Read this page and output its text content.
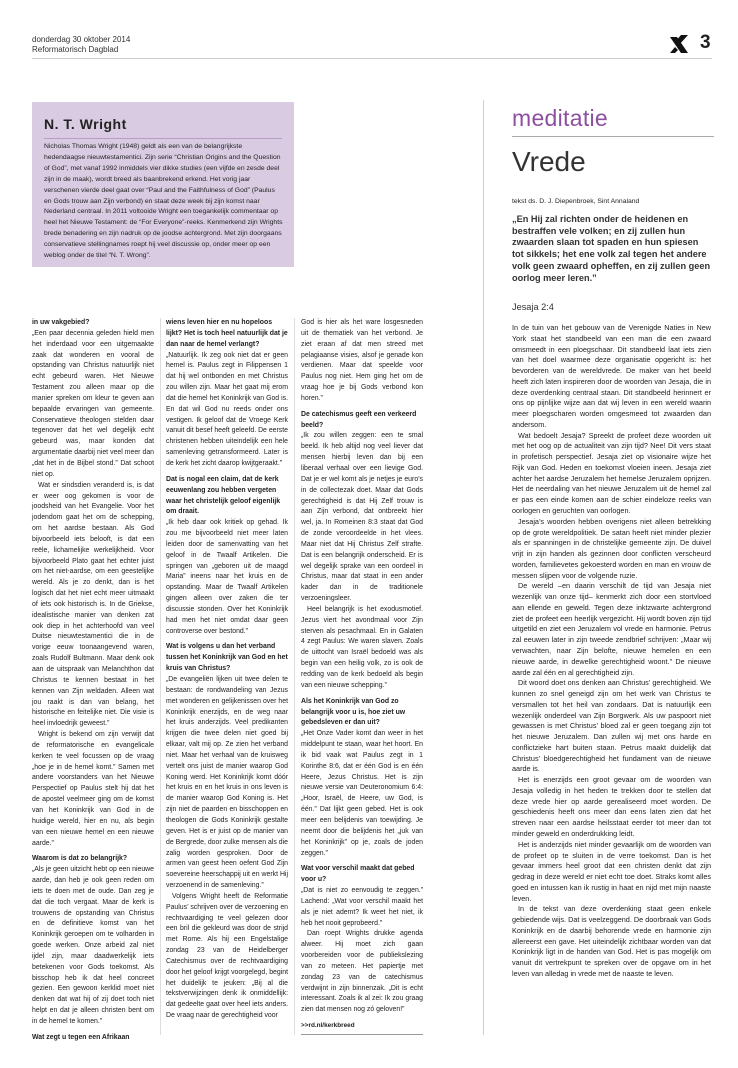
donderdag 30 oktober 2014
Reformatorisch Dagblad	3
N. T. Wright
Nicholas Thomas Wright (1948) geldt als een van de belangrijkste hedendaagse nieuwtestamentici. Zijn serie “Christian Origins and the Question of God”, met vanaf 1992 inmiddels vier dikke studies (een vijfde en zesde deel zijn in de maak), wordt breed als baanbrekend erkend. Het vorig jaar verschenen vierde deel gaat over “Paul and the Faithfulness of God” (Paulus en Gods trouw aan Zijn verbond) en staat deze week bij zijn komst naar Nederland centraal. In 2011 voltooide Wright een toegankelijk commentaar op heel het Nieuwe Testament: de “For Everyone”-reeks. Kenmerkend zijn Wrights brede benadering en zijn nadruk op de joodse achtergrond. Met zijn doorgaans conservatieve stellingnames roept hij veel discussie op, onder meer op een weblog onder de titel “N. T. Wrong”.
in uw vakgebied?

„Een paar decennia geleden hield men het inderdaad voor een uitgemaakte zaak dat wonderen en vooral de opstanding van Christus natuurlijk niet echt gebeurd waren. Het Nieuwe Testament zou alleen maar op die manier spreken om kleur te geven aan bepaalde ervaringen van gemeente. Conservatieve theologen stelden daar tegenover dat het wel degelijk echt gebeurd was, maar konden dat argumentatie daarbij niet veel meer dan „dat het in de Bijbel stond.” Dat schoot niet op.

Wat er sindsdien veranderd is, is dat er weer oog gekomen is voor de joodsheid van het Evangelie. Voor het jodendom gaat het om de schepping, om het aardse bestaan. Als God bijvoorbeeld iets belooft, is dat een reële, lichamelijke werkelijkheid. Voor bijvoorbeeld Plato gaat het echter juist om het niet-aardse, om een geestelijke wereld. Als je zo denkt, dan is het logisch dat het niet echt meer uitmaakt of iets ook historisch is. In de Griekse, idealistische manier van denken zat ook diep in het achterhoofd van veel Duitse nieuwtestamentici die in de vorige eeuw toonaangevend waren, zoals Rudolf Bultmann. Maar denk ook aan de uitspraak van Melanchthon dat Christus te kennen bestaat in het kennen van Zijn weldaden. Alleen wat jou raakt is dan van belang, het historische en feitelijke niet. Die visie is heel invloedrijk geweest.”

Wright is bekend om zijn verwijt dat de reformatorische en evangelicale kerken te veel focussen op de vraag „hoe je in de hemel komt.” Samen met andere voorstanders van het Nieuwe Perspectief op Paulus stelt hij dat het de apostel veelmeer ging om de komst van het Koninkrijk van God in de huidige wereld, hier en nu, als begin van een nieuwe hemel en een nieuwe aarde.”

Waarom is dat zo belangrijk?

„Als je geen uitzicht hebt op een nieuwe aarde, dan heb je ook geen reden om iets te doen met de oude. Dan zeg je dat die toch vergaat. Maar de kerk is trouwens de opstanding van Christus en de definitieve komst van het Koninkrijk geroepen om te volharden in goede werken. Onze arbeid zal niet ijdel zijn, maar daadwerkelijk iets betekenen voor Gods toekomst. Als bisschop heb ik dat heel concreet gezien. Een gewoon kerklid moet niet denken dat wat hij of zij doet toch niet helpt en dat je alleen christen bent om in de hemel te komen.”

Wat zegt u tegen een Afrikaan
wiens leven hier en nu hopeloos lijkt? Het is toch heel natuurlijk dat je dan naar de hemel verlangt?

„Natuurlijk. Ik zeg ook niet dat er geen hemel is. Paulus zegt in Filippensen 1 dat hij wel ontbonden en met Christus zou willen zijn. Maar het gaat mij erom dat die hemel het Koninkrijk van God is. En dat wil God nu reeds onder ons vestigen. Ik geloof dat de Vroege Kerk vanuit dit besef heeft geleefd. De eerste christenen hebben uiteindelijk een hele samenleving getransformeerd. Later is de kerk het zicht daarop kwijtgeraakt.”

Dat is nogal een claim, dat de kerk eeuwenlang zou hebben vergeten waar het christelijk geloof eigenlijk om draait.

„Ik heb daar ook kritiek op gehad. Ik zou me bijvoorbeeld niet meer laten leiden door de samenvatting van het geloof in de Twaalf Artikelen. Die springen van „geboren uit de maagd Maria” ineens naar het kruis en de opstanding. Maar de Twaalf Artikelen gingen alleen over zaken die ter discussie stonden. Over het Koninkrijk had men het niet omdat daar geen controverse over bestond.”

Wat is volgens u dan het verband tussen het Koninkrijk van God en het kruis van Christus?

„De evangeliën lijken uit twee delen te bestaan: de rondwandeling van Jezus met wonderen en gelijkenissen over het Koninkrijk enerzijds, en de weg naar het kruis anderzijds. Veel predikanten krijgen die twee delen niet goed bij elkaar, valt mij op. Ze zien het verband niet. Maar het verhaal van de kruisweg vertelt ons juist de manier waarop God Koning werd. Het Koninkrijk komt dóór het kruis en en het kruis in ons leven is de manier waarop God Koning is. Het zijn niet de paarden en bisschoppen en theologen die Gods Koninkrijk gestalte geven. Het is er juist op de manier van de Bergrede, door zulke mensen als die zalig worden gesproken. Door de armen van geest heen oefent God Zijn soevereine heerschappij uit en werkt Hij verzoenend in de samenleving.”

Volgens Wright heeft de Reformatie Paulus’ schrijven over de verzoening en rechtvaardiging te veel gelezen door een bril die gekleurd was door de strijd met Rome. Als hij een Engelstalige zondag 23 van de Heidelberger Catechismus over de rechtvaardiging door het geloof krijgt voorgelegd, begint het duidelijk te jeuken: „Bij al die tekstverwijzingen denk ik onmiddellijk: dat gedeelte gaat over heel iets anders. De vraag naar de gerechtigheid voor

God is hier als het ware losgesneden uit de thematiek van het verbond. Je ziet eraan af dat men streed met pelagiaanse visies, alsof je genade kon verdienen. Maar dat speelde voor Paulus nog niet. Hem ging het om de vraag hoe je bij Gods verbond kon horen.”

De catechismus geeft een verkeerd beeld?

„Ik zou willen zeggen: een te smal beeld. Ik heb altijd nog veel liever dat mensen hierbij leven dan bij een liberaal verhaal over een lievige God. Dat je er wel komt als je netjes je euro’s in de collectezak doet. Maar dat Gods gerechtigheid is dat Hij Zelf trouw is aan Zijn verbond, dat ontbreekt hier wel, ja. In Romeinen 8:3 staat dat God de zonde veroordeelde in het vlees. Maar niet dat Hij Christus Zelf strafte. Dat is een belangrijk onderscheid. Er is wel degelijk sprake van een oordeel in Christus, maar dat staat in een ander kader dan in de traditionele verzoeningsleer.

Heel belangrijk is het exodusmotief. Jezus viert het avondmaal voor Zijn sterven als pesachmaal. En in Galaten 4 zegt Paulus: We waren slaven. Zoals de uittocht van Israël bedoeld was als begin van een heilig volk, zo is ook de redding van de kerk bedoeld als begin van een nieuwe schepping.”

Als het Koninkrijk van God zo belangrijk voor u is, hoe ziet uw gebedsleven er dan uit?

„Het Onze Vader komt dan weer in het middelpunt te staan, waar het hoort. En ik bid vaak wat Paulus zegt in 1 Korinthe 8:6, dat er één God is en één Heere, Jezus Christus. Het is zijn nieuwe versie van Deuteronomium 6:4: „Hoor, Israël, de Heere, uw God, is één.” Dat lijkt geen gebed. Het is ook meer een belijdenis van toewijding. Je neemt door die belijdenis het „juk van het Koninkrijk” op je, zoals de joden zeggen.”

Wat voor verschil maakt dat gebed voor u?

„Dat is niet zo eenvoudig te zeggen.” Lachend: „Wat voor verschil maakt het als je niet ademt? Ik weet het niet, ik heb het nooit geprobeerd.”

Dan roept Wrights drukke agenda alweer. Hij moet zich gaan voorbereiden voor de publiekslezing van zo meteen. Het papiertje met zondag 23 van de catechismus verdwijnt in zijn binnenzak. „Dit is echt interessant. Zoals ik al zei: Ik zou graag zien dat mensen nog zó geloven!”

>>rd.nl/kerkbreed
meditatie
Vrede
tekst ds. D. J. Diepenbroek, Sint Annaland
„En Hij zal richten onder de heidenen en bestraffen vele volken; en zij zullen hun zwaarden slaan tot spaden en hun spiesen tot sikkels; het ene volk zal tegen het andere volk geen zwaard opheffen, en zij zullen geen oorlog meer leren.”
Jesaja 2:4

In de tuin van het gebouw van de Verenigde Naties in New York staat het standbeeld van een man die een zwaard omsmeedt in een ploegschaar. Dit standbeeld laat iets zien van het doel waarmee deze organisatie opgericht is: het bevorderen van de wereldvrede. De maker van het beeld heeft zich laten inspireren door de woorden van Jesaja, die in deze overdenking centraal staan. Dit standbeeld herinnert er ons op pijnlijke wijze aan dat wij leven in een wereld waarin meer ploegscharen worden omgesmeed tot zwaarden dan andersom.

Wat bedoelt Jesaja? Spreekt de profeet deze woorden uit met het oog op de actualiteit van zijn tijd? Nee! Dit vers staat in profetisch perspectief. Jesaja ziet op visionaire wijze het Rijk van God. Heden en toekomst vloeien ineen. Jesaja ziet achter het aardse Jeruzalem het hemelse Jeruzalem oprijzen. Het de neerdaling van het nieuwe Jeruzalem uit de hemel zal er pas een einde komen aan de schier eindeloze reeks van oorlogen en geruchten van oorlogen.

Jesaja’s woorden hebben overigens niet alleen betrekking op de grote wereldpolitiek. De satan heeft niet minder plezier als er spanningen in de christelijke gemeente zijn. De duivel vrijt in zijn handen als gezinnen door conflicten verscheurd worden, familievetes gekoesterd worden en man en vrouw de messen slijpen voor de volgende ruzie.

De wereld –en daarin verschilt de tijd van Jesaja niet wezenlijk van onze tijd– kenmerkt zich door een stortvloed aan ellende en geweld. Tegen deze inktzwarte achtergrond ziet de profeet een heerlijk vergezicht. Hij wordt boven zijn tijd uitgetild en ziet een Jeruzalem vol vrede en harmonie. Petrus zal eeuwen later in zijn tweede zendbrief schrijven: „Maar wij verwachten, naar Zijn belofte, nieuwe hemelen en een nieuwe aarde, in dewelke gerechtigheid woont.” De nieuwe aarde zal één en al gerechtigheid zijn.

Dit woord doet ons denken aan Christus’ gerechtigheid. We kunnen zo snel geneigd zijn om het werk van Christus te versmallen tot het heil van zondaars. Dat is natuurlijk een wezenlijk onderdeel van Zijn Borgwerk. Als uw paspoort niet gewassen is met Christus’ bloed zal er geen toegang zijn tot het nieuwe Jeruzalem. Dan zullen wij met ons harde en conflictzieke hart buiten staan. Petrus maakt duidelijk dat Christus’ bloedgerechtigheid het fundament van de nieuwe aarde is.

Het is enerzijds een groot gevaar om de woorden van Jesaja volledig in het heden te trekken door te stellen dat deze vrede hier op aarde gerealiseerd moet worden. De geschiedenis heeft ons meer dan eens laten zien dat het streven naar een aardse heilsstaat eerder tot meer dan tot minder geweld en onderdrukking leidt.

Het is anderzijds niet minder gevaarlijk om de woorden van de profeet op te sluiten in de verre toekomst. Dan is het gevaar immers heel groot dat een christen denkt dat zijn gedrag in deze wereld er niet echt toe doet. Straks komt alles goed en intussen kan ik rustig in haat en nijd met mijn naaste leven.

In de tekst van deze overdenking staat geen enkele gebiedende wijs. Dat is veelzeggend. De doorbraak van Gods Koninkrijk en de daarbij behorende vrede en harmonie zijn allereerst een gave. Het uiteindelijk zichtbaar worden van dat Koninkrijk ligt in de handen van God. Het is pas mogelijk om vanuit dit vertrekpunt te spreken over de opgave om in het leven van alledag in vrede met de naaste te leven.
